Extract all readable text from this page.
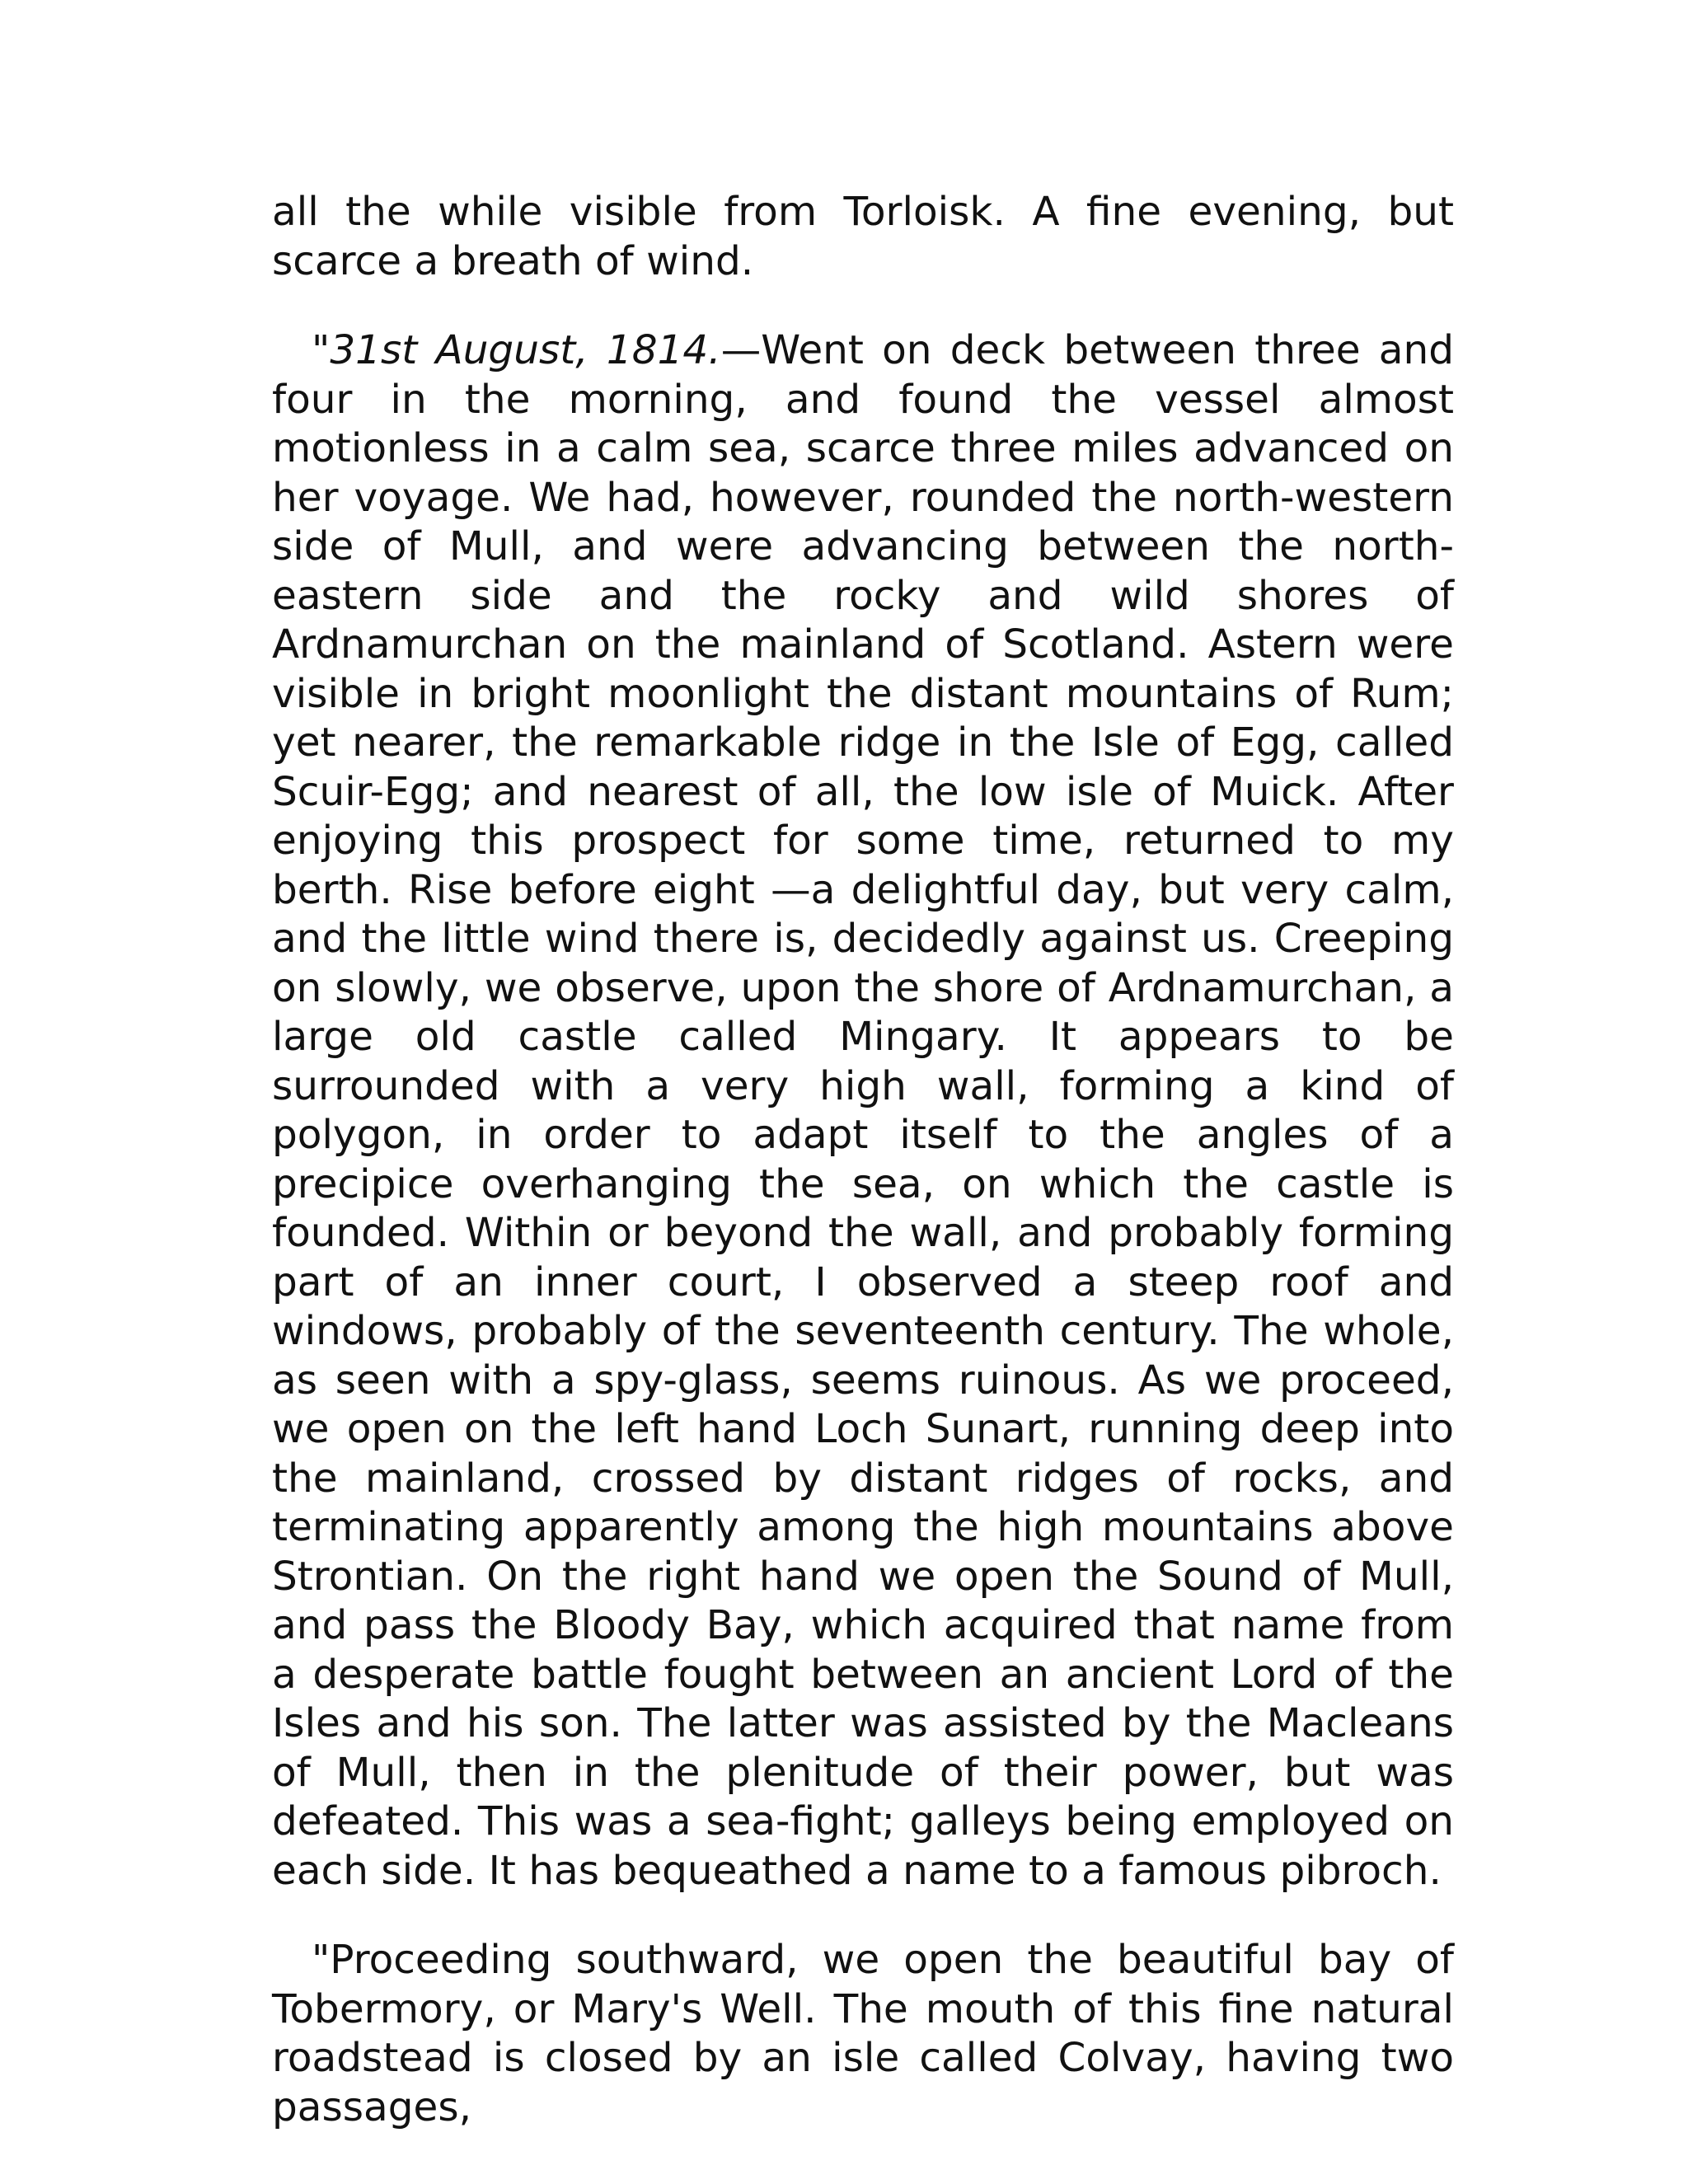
all the while visible from Torloisk. A fine evening, but scarce a breath of wind.

"31st August, 1814.—Went on deck between three and four in the morning, and found the vessel almost motionless in a calm sea, scarce three miles advanced on her voyage. We had, however, rounded the north-western side of Mull, and were advancing between the north-eastern side and the rocky and wild shores of Ardnamurchan on the mainland of Scotland. Astern were visible in bright moonlight the distant mountains of Rum; yet nearer, the remarkable ridge in the Isle of Egg, called Scuir-Egg; and nearest of all, the low isle of Muick. After enjoying this prospect for some time, returned to my berth. Rise before eight —a delightful day, but very calm, and the little wind there is, decidedly against us. Creeping on slowly, we observe, upon the shore of Ardnamurchan, a large old castle called Mingary. It appears to be surrounded with a very high wall, forming a kind of polygon, in order to adapt itself to the angles of a precipice overhanging the sea, on which the castle is founded. Within or beyond the wall, and probably forming part of an inner court, I observed a steep roof and windows, probably of the seventeenth century. The whole, as seen with a spy-glass, seems ruinous. As we proceed, we open on the left hand Loch Sunart, running deep into the mainland, crossed by distant ridges of rocks, and terminating apparently among the high mountains above Strontian. On the right hand we open the Sound of Mull, and pass the Bloody Bay, which acquired that name from a desperate battle fought between an ancient Lord of the Isles and his son. The latter was assisted by the Macleans of Mull, then in the plenitude of their power, but was defeated. This was a sea-fight; galleys being employed on each side. It has bequeathed a name to a famous pibroch.

"Proceeding southward, we open the beautiful bay of Tobermory, or Mary's Well. The mouth of this fine natural roadstead is closed by an isle called Colvay, having two passages,
